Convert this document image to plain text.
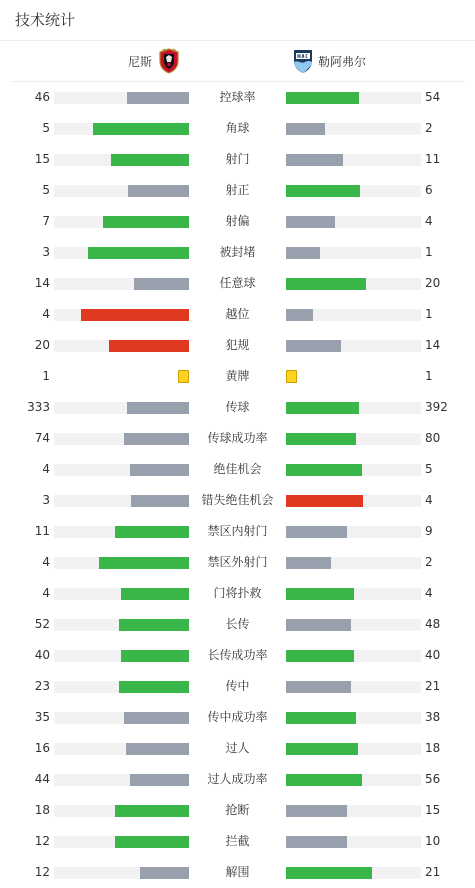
技术统计
尼斯	勒阿弗尔
46	控球率	54
5	角球	2
15	射门	11
5	射正	6
7	射偏	4
3	被封堵	1
14	任意球	20
4	越位	1
20	犯规	14
1	黄牌	1
333	传球	392
74	传球成功率	80
4	绝佳机会	5
3	错失绝佳机会	4
11	禁区内射门	9
4	禁区外射门	2
4	门将扑救	4
52	长传	48
40	长传成功率	40
23	传中	21
35	传中成功率	38
16	过人	18
44	过人成功率	56
18	抢断	15
12	拦截	10
12	解围	21
